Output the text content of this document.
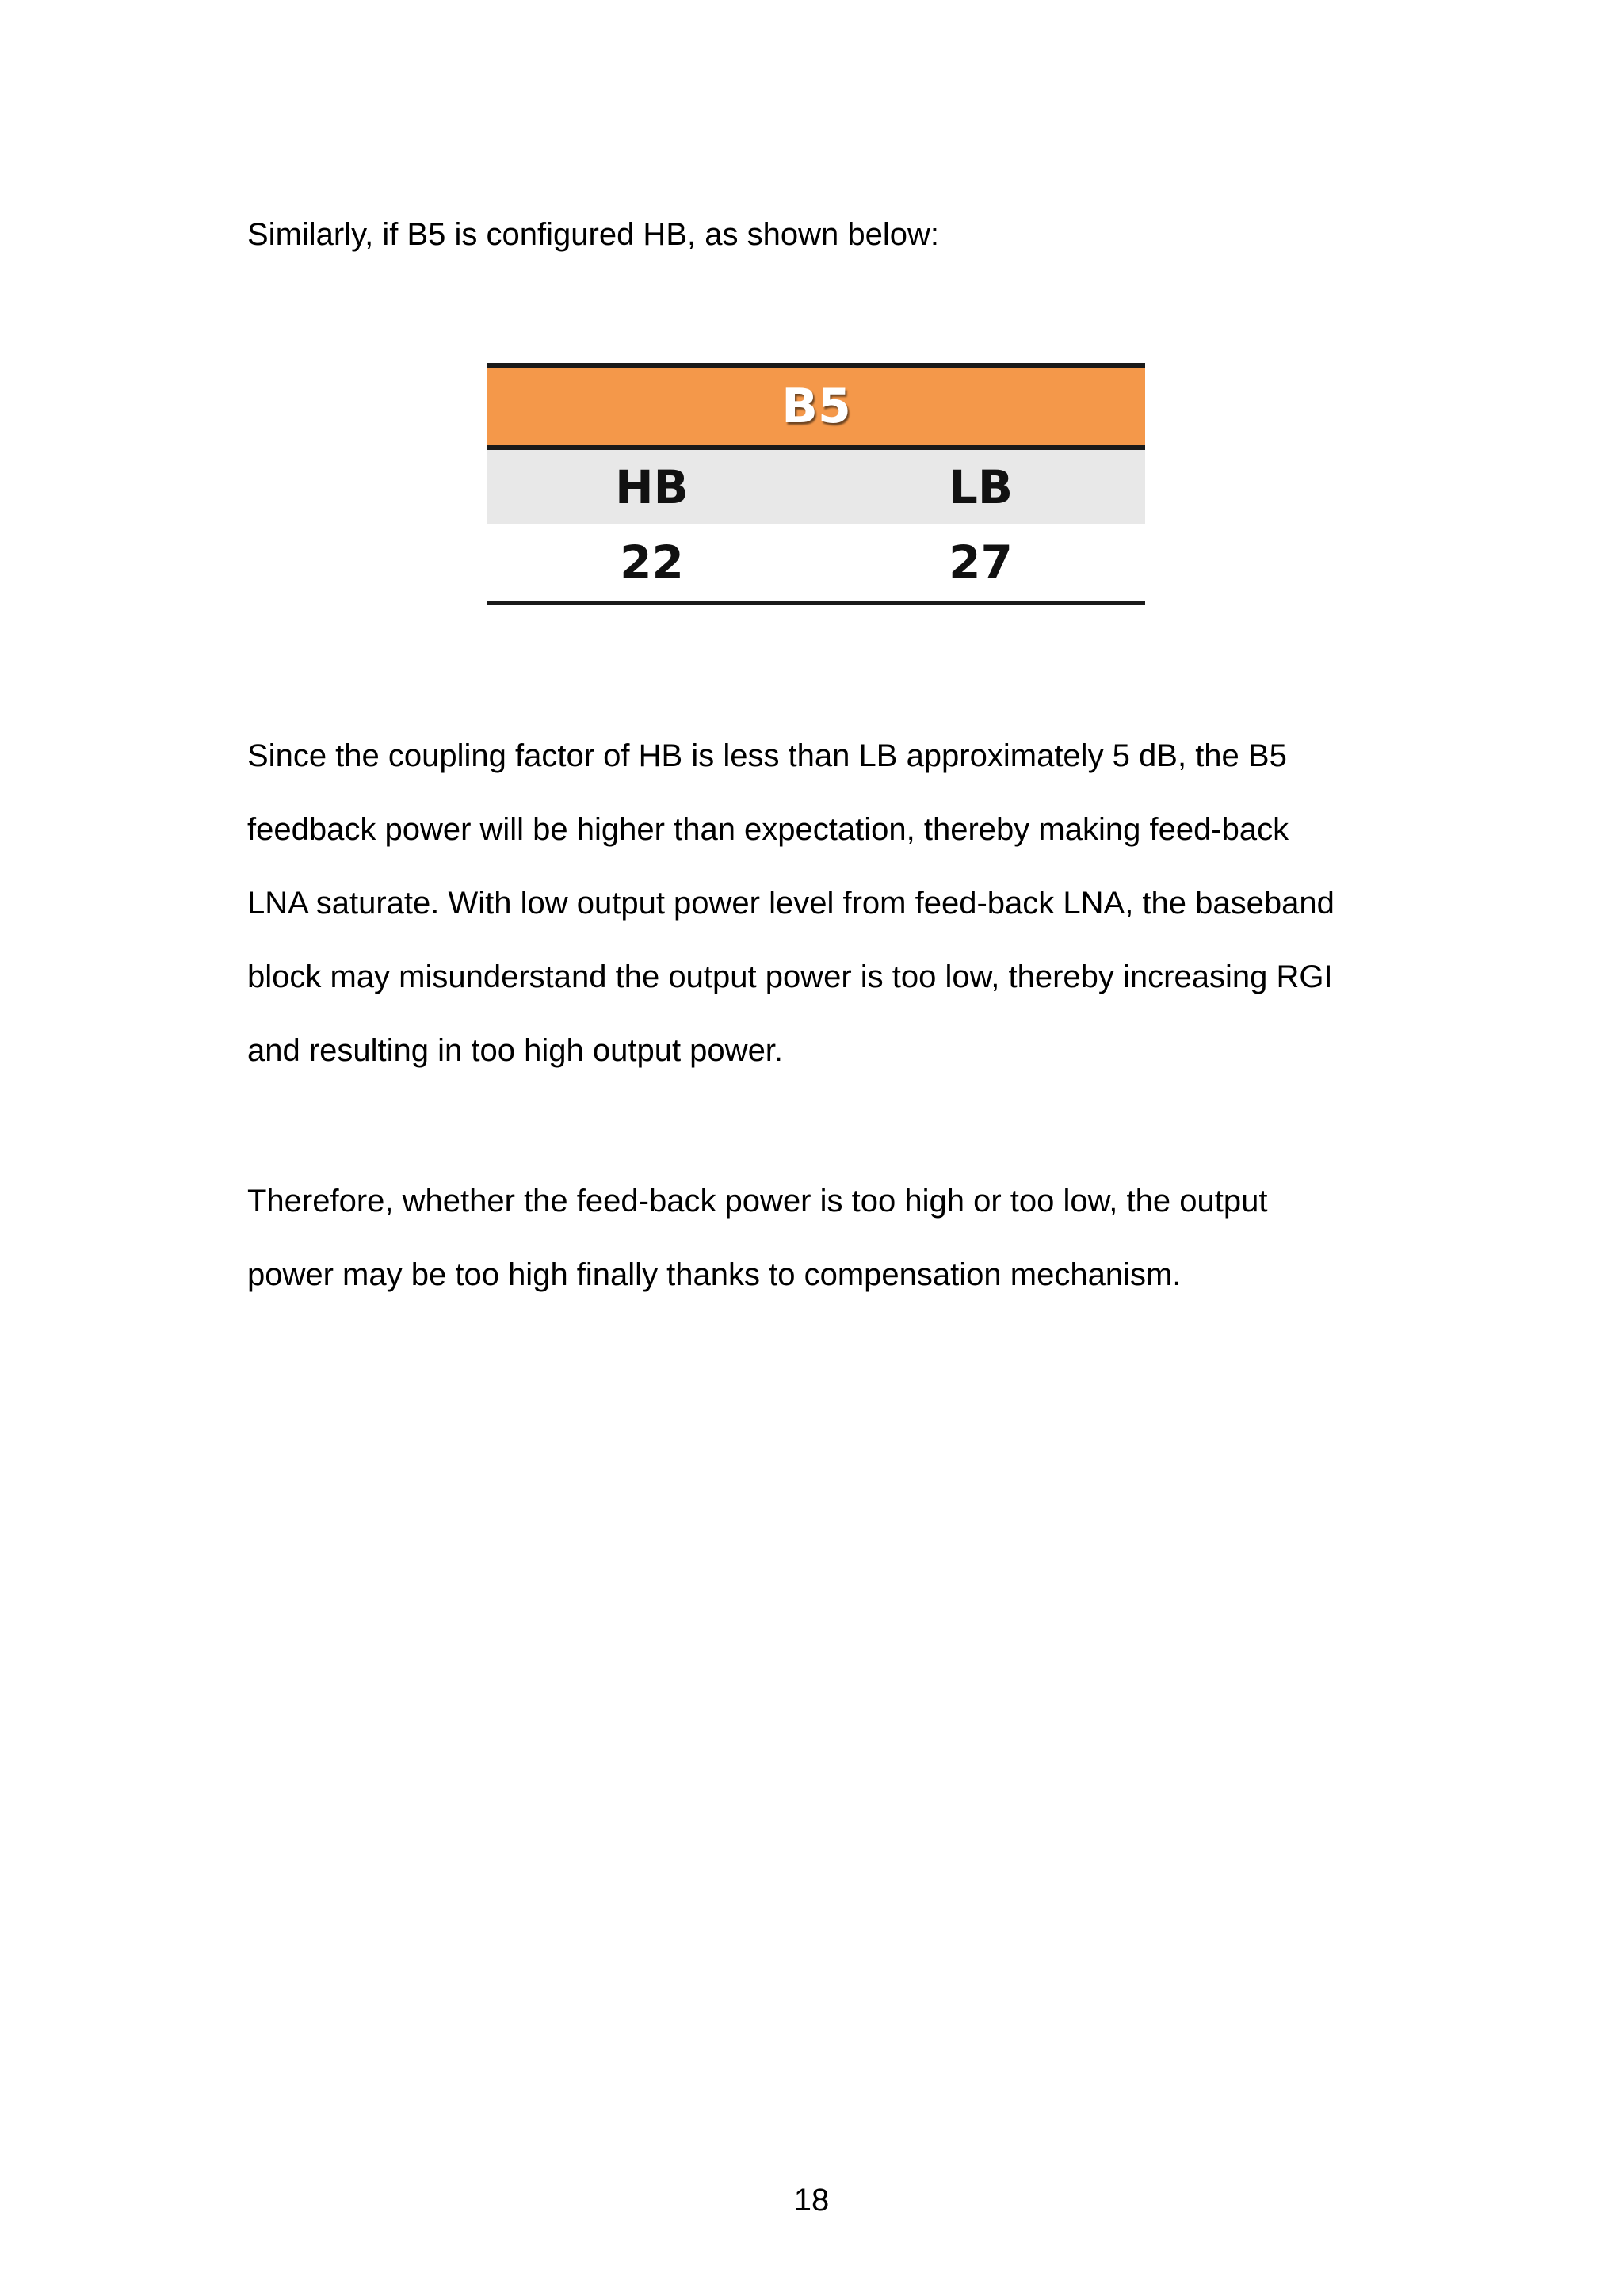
Similarly, if B5 is configured HB, as shown below:
B5	
HB	LB
22	27
Since the coupling factor of HB is less than LB approximately 5 dB, the B5
feedback power will be higher than expectation, thereby making feed-back
LNA saturate. With low output power level from feed-back LNA, the baseband
block may misunderstand the output power is too low, thereby increasing RGI
and resulting in too high output power.
Therefore, whether the feed-back power is too high or too low, the output
power may be too high finally thanks to compensation mechanism.
18
